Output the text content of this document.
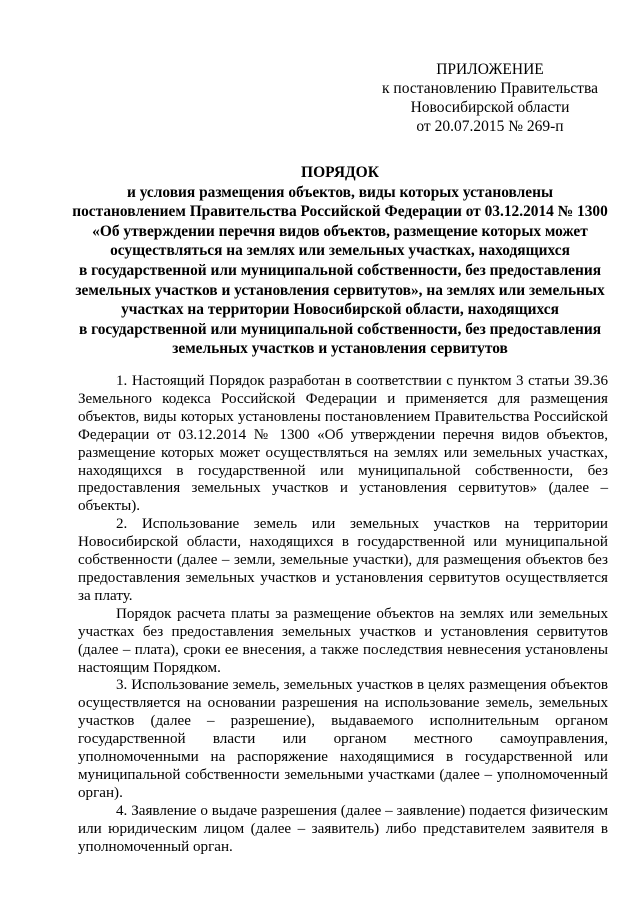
ПРИЛОЖЕНИЕ
к постановлению Правительства
Новосибирской области
от 20.07.2015 № 269-п
ПОРЯДОК
и условия размещения объектов, виды которых установлены
постановлением Правительства Российской Федерации от 03.12.2014 № 1300
«Об утверждении перечня видов объектов, размещение которых может
осуществляться на землях или земельных участках, находящихся
в государственной или муниципальной собственности, без предоставления
земельных участков и установления сервитутов», на землях или земельных
участках на территории Новосибирской области, находящихся
в государственной или муниципальной собственности, без предоставления
земельных участков и установления сервитутов

1. Настоящий Порядок разработан в соответствии с пунктом 3 статьи 39.36 Земельного кодекса Российской Федерации и применяется для размещения объектов, виды которых установлены постановлением Правительства Российской Федерации от 03.12.2014 № 1300 «Об утверждении перечня видов объектов, размещение которых может осуществляться на землях или земельных участках, находящихся в государственной или муниципальной собственности, без предоставления земельных участков и установления сервитутов» (далее – объекты).

2. Использование земель или земельных участков на территории Новосибирской области, находящихся в государственной или муниципальной собственности (далее – земли, земельные участки), для размещения объектов без предоставления земельных участков и установления сервитутов осуществляется за плату.

Порядок расчета платы за размещение объектов на землях или земельных участках без предоставления земельных участков и установления сервитутов (далее – плата), сроки ее внесения, а также последствия невнесения установлены настоящим Порядком.

3. Использование земель, земельных участков в целях размещения объектов осуществляется на основании разрешения на использование земель, земельных участков (далее – разрешение), выдаваемого исполнительным органом государственной власти или органом местного самоуправления, уполномоченными на распоряжение находящимися в государственной или муниципальной собственности земельными участками (далее – уполномоченный орган).

4. Заявление о выдаче разрешения (далее – заявление) подается физическим или юридическим лицом (далее – заявитель) либо представителем заявителя в уполномоченный орган.
